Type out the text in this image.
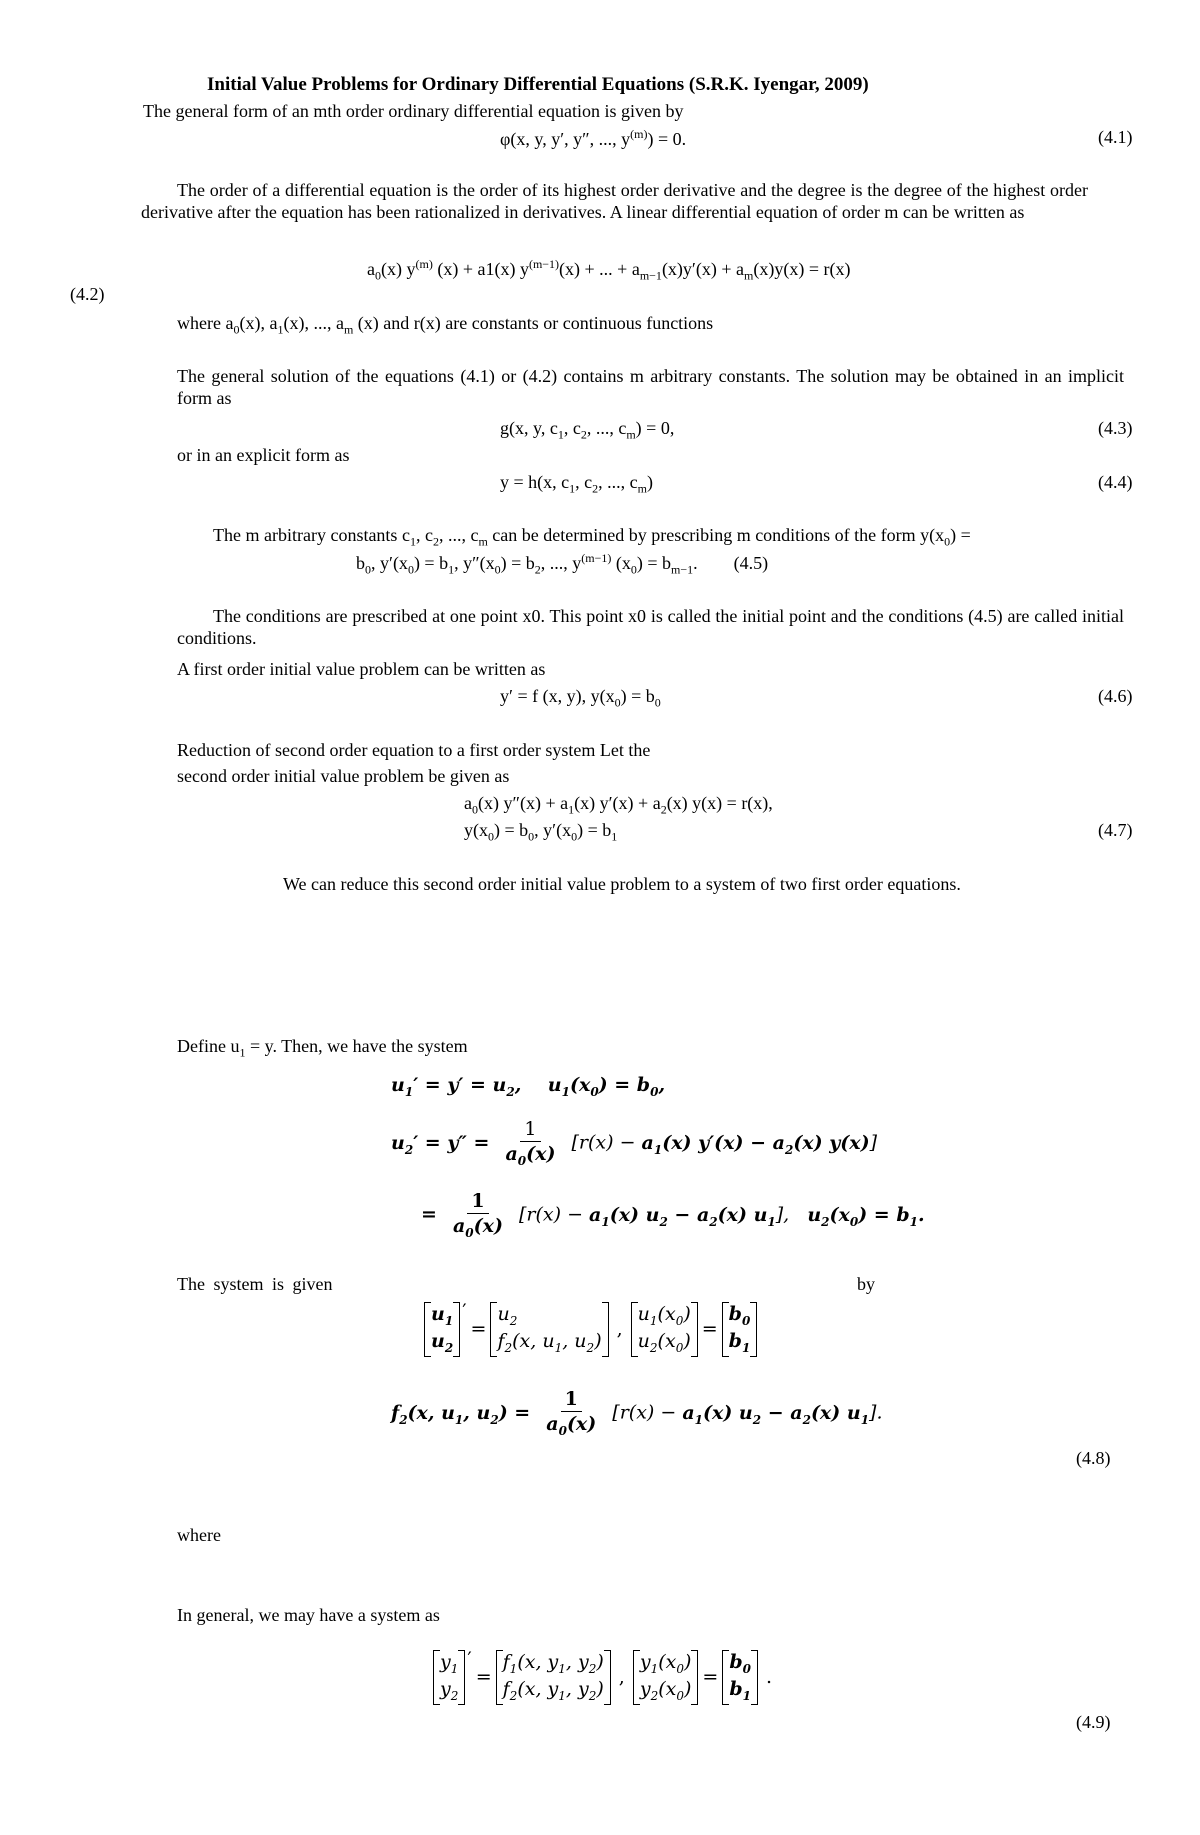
Initial Value Problems for Ordinary Differential Equations (S.R.K. Iyengar, 2009)
The general form of an mth order ordinary differential equation is given by
φ(x, y, y′, y″, ..., $y^{(m)}) = 0$.	(4.1)
The order of a differential equation is the order of its highest order derivative and the degree is the degree of the highest order derivative after the equation has been rationalized in derivatives. A linear differential equation of order m can be written as
$a_0(x)$ $y^{(m)}$ (x) + a1(x) $y^{(m-1)}(x)$ + ... + $a_{m-1}(x)y'(x) + a_m(x)y(x) = r(x)$
(4.2)
where $a_0(x)$, $a_1(x)$, ..., $a_m$ (x) and r(x) are constants or continuous functions
The general solution of the equations (4.1) or (4.2) contains m arbitrary constants. The solution may be obtained in an implicit form as
g(x, y, $c_1$, $c_2$, ..., $c_m) = 0$,	(4.3)
or in an explicit form as
y = h(x, $c_1$, $c_2$, ..., $c_m$)	(4.4)
The m arbitrary constants $c_1$, $c_2$, ..., $c_m$ can be determined by prescribing m conditions of the form $y(x_0)$ =
$b_0$, $y'(x_0) = b_1$, $y''(x_0) = b_2$, ..., $y^{(m-1)}$ $(x_0) = b_{m-1}$.        (4.5)
The conditions are prescribed at one point x0. This point x0 is called the initial point and the conditions (4.5) are called initial conditions.
A first order initial value problem can be written as
y′ = f (x, y), $y(x_0) = b_0$	(4.6)
Reduction of second order equation to a first order system Let the
second order initial value problem be given as
$a_0(x) y''(x) + a_1(x) y'(x) + a_2(x) y(x) = r(x)$,
$y(x_0) = b_0$, $y'(x_0) = b_1$	(4.7)
We can reduce this second order initial value problem to a system of two first order equations.
Define $u_1 = y$. Then, we have the system
$u_1' = y' = u_2$,    $u_1(x_0) = b_0$,
$u_2' = y'' = \frac{1}{a_0(x)} [r(x) - a_1(x) y'(x) - a_2(x)$ y(x)]
= $\frac{1}{a_0(x)} [r(x) - a_1(x) u_2 - a_2(x)$ $u_1$],   $u_2(x_0) = b_1$.
The system is given	by
$u_1$
$u_2$
′
=
$u_2$
$f_2(x$, $u_1$, $u_2$)
,
$u_1(x_0)$
$u_2(x_0)$
=
$b_0$
$b_1$
$f_2(x$, $u_1$, $u_2) = \frac{1}{a_0(x)} [r(x) - a_1(x)$ $u_2 - a_2(x)$ $u_1$].
(4.8)
where
In general, we may have a system as
$y_1$
$y_2$
′
=
$f_1(x$, $y_1$, $y_2$)
$f_2(x$, $y_1$, $y_2$)
,
$y_1(x_0)$
$y_2(x_0)$
=
$b_0$
$b_1$
.
(4.9)
